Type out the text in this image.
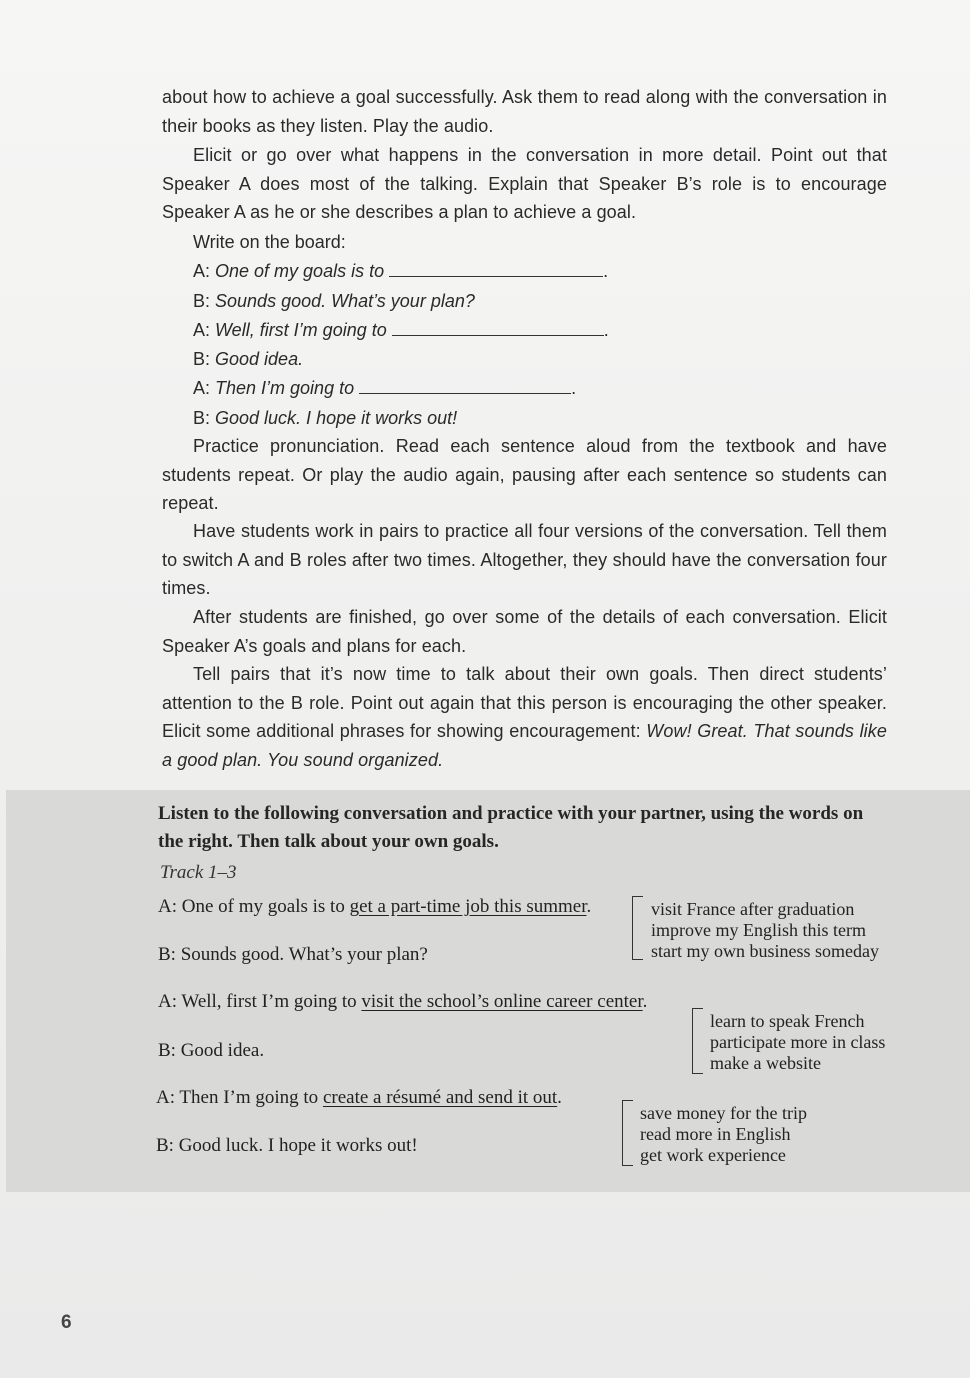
about how to achieve a goal successfully. Ask them to read along with the conversation in their books as they listen. Play the audio.
Elicit or go over what happens in the conversation in more detail. Point out that Speaker A does most of the talking. Explain that Speaker B’s role is to encourage Speaker A as he or she describes a plan to achieve a goal.
Write on the board:
A: One of my goals is to	.
B: Sounds good. What’s your plan?
A: Well, first I’m going to	.
B: Good idea.
A: Then I’m going to	.
B: Good luck. I hope it works out!
Practice pronunciation. Read each sentence aloud from the textbook and have students repeat. Or play the audio again, pausing after each sentence so students can repeat.
Have students work in pairs to practice all four versions of the conversation. Tell them to switch A and B roles after two times. Altogether, they should have the conversation four times.
After students are finished, go over some of the details of each conversation. Elicit Speaker A’s goals and plans for each.
Tell pairs that it’s now time to talk about their own goals. Then direct students’ attention to the B role. Point out again that this person is encouraging the other speaker. Elicit some additional phrases for showing encouragement: Wow! Great. That sounds like a good plan. You sound organized.
Listen to the following conversation and practice with your partner, using the words on the right. Then talk about your own goals.
Track 1–3
A: One of my goals is to get a part-time job this summer.
B: Sounds good. What’s your plan?
A: Well, first I’m going to visit the school’s online career center.
B: Good idea.
A: Then I’m going to create a résumé and send it out.
B: Good luck. I hope it works out!
visit France after graduation
improve my English this term
start my own business someday
learn to speak French
participate more in class
make a website
save money for the trip
read more in English
get work experience
6
